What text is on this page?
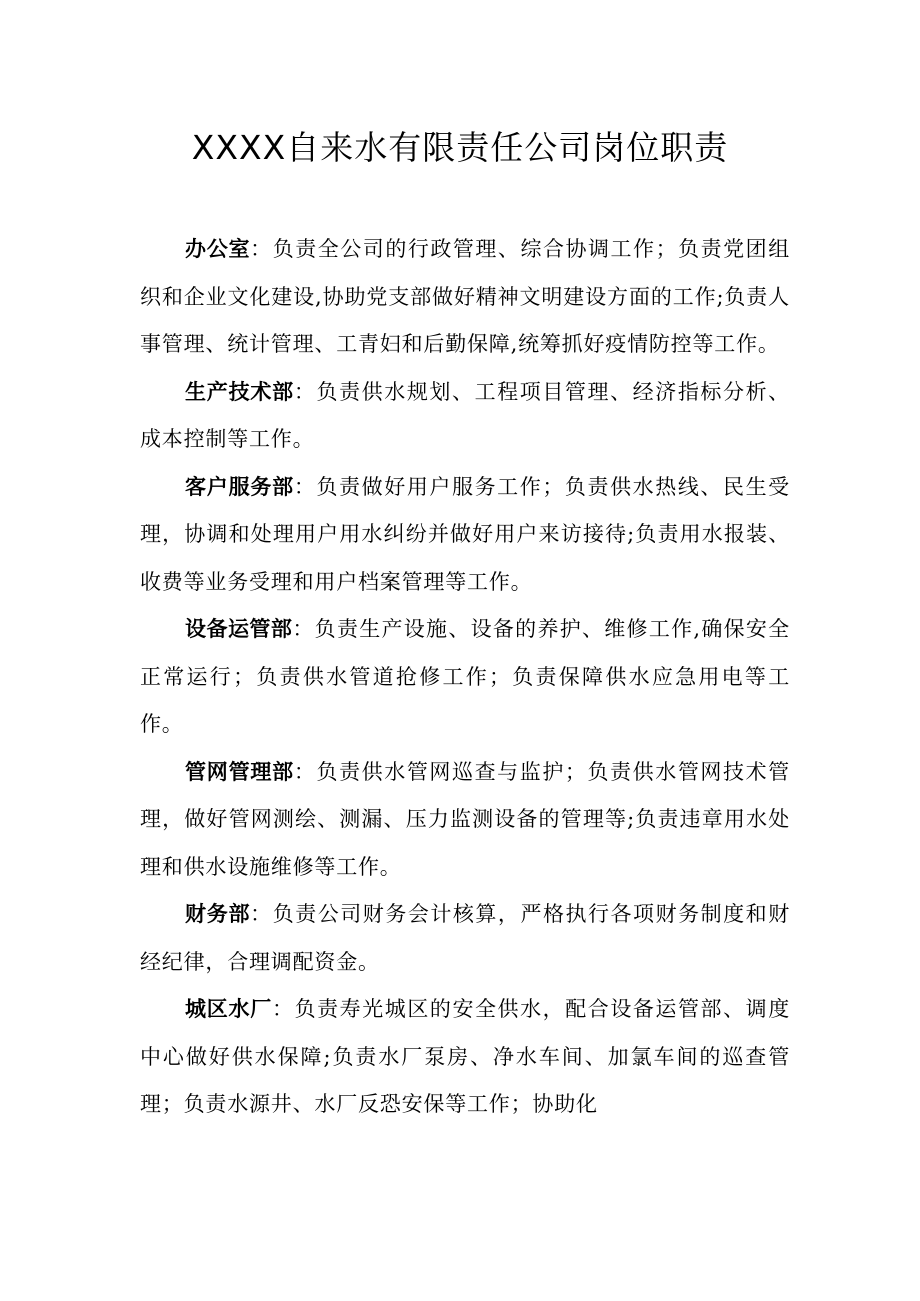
XXXX自来水有限责任公司岗位职责

办公室：负责全公司的行政管理、综合协调工作；负责党团组织和企业文化建设,协助党支部做好精神文明建设方面的工作;负责人事管理、统计管理、工青妇和后勤保障,统筹抓好疫情防控等工作。

生产技术部：负责供水规划、工程项目管理、经济指标分析、成本控制等工作。

客户服务部：负责做好用户服务工作；负责供水热线、民生受理，协调和处理用户用水纠纷并做好用户来访接待;负责用水报装、收费等业务受理和用户档案管理等工作。

设备运管部：负责生产设施、设备的养护、维修工作,确保安全正常运行；负责供水管道抢修工作；负责保障供水应急用电等工作。

管网管理部：负责供水管网巡查与监护；负责供水管网技术管理，做好管网测绘、测漏、压力监测设备的管理等;负责违章用水处理和供水设施维修等工作。

财务部：负责公司财务会计核算，严格执行各项财务制度和财经纪律，合理调配资金。

城区水厂：负责寿光城区的安全供水，配合设备运管部、调度中心做好供水保障;负责水厂泵房、净水车间、加氯车间的巡查管理；负责水源井、水厂反恐安保等工作；协助化
